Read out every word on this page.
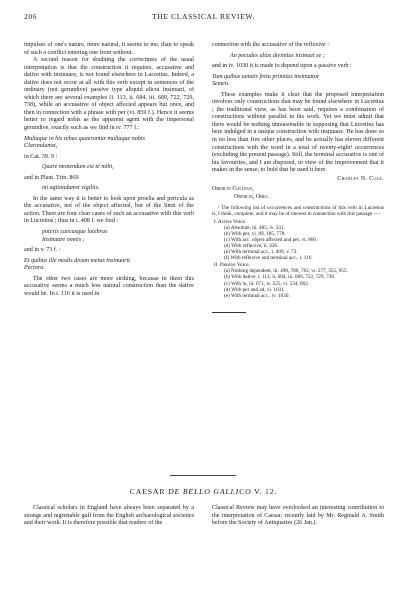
206	THE CLASSICAL REVIEW.

impulses of one's nature, more natural, it seems to me, than to speak of such a conflict entering one from without.

A second reason for doubting the correctness of the usual interpretation is that the construction it requires, accusative and dative with insinuare, is not found elsewhere in Lucretius. Indeed, a dative does not occur at all with this verb except in sentences of the ordinary (not gerundive) passive type aliquid alicui insinuari, of which there are several examples (i. 113, ii. 684, iii. 689, 722, 729, 738), while an accusative of object affected appears but once, and then in connection with a phrase with per (vi. 859 f.). Hence it seems better to regard nobis as the apparent agent with the impersonal gerundive, exactly such as we find in iv. 777 f.:

Multaque in his rebus quaeruntur multaque nobis
Clarandumst,

in Cat. 39. 9 :

Quare monendum est te mihi,

and in Plaut. Trin. 869

mi agitandumst vigiliis.

In the same way it is better to look upon proelia and pericula as the accusative, not of the object affected, but of the limit of the action. There are four clear cases of such an accusative with this verb in Lucretius ; thus in i. 408 f. we find :

poteris caecasque latebras
Insinuare omnis ;

and in v. 73 f. :

Et quibus ille modis divum metus insinuarit
Pectora.

The other two cases are more striking, because in them this accusative seems a much less natural construction than the dative would be. In i. 116 it is used in

connection with the accusative of the reflexive :

An pecudes alias divinitus insinuet se ;

and in iv. 1030 it is made to depend upon a passive verb :

Tum quibus aetatis freta primitus insinuatur
Semen.

These examples make it clear that the proposed interpretation involves only constructions that may be found elsewhere in Lucretius ; the traditional view, as has been said, requires a combination of constructions without parallel in his work. Yet we must admit that there would be nothing unreasonable in supposing that Lucretius has here indulged in a unique construction with insinuare. He has done so in no less than five other places, and he actually has eleven different constructions with the word in a total of twenty-eight¹ occurrences (excluding the present passage). Still, the terminal accusative is one of his favourites, and I am disposed, in view of the improvement that it makes in the sense, to hold that he used it here.

Charles N. Cole.
Oberlin College,
Oberlin, Ohio.

¹ The following list of occurrences and constructions of this verb in Lucretius is, I think, complete, and it may be of interest in connection with this passage :—

I. Active Voice.
(a) Absolute, iii. 485, iv. 331.
(b) With per, vi. 89, 185, 778.
(c) With acc. object affected and per, vi. 860.
(d) With reflexive, ii. 436.
(e) With terminal acc., i. 409, v. 73.
(f) With reflexive and terminal acc., i. 116.
II. Passive Voice.
(a) Nothing dependent, iii. 498, 780, 782, vi. 277, 355, 955.
(b) With dative, i. 113, ii. 684, iii. 689, 722, 729, 738.
(c) With in, iii. 671, iv. 525, vi. 534, 802.
(d) With per and ad, vi. 1031.
(e) With terminal acc., iv. 1030.
CAESAR DE BELLO GALLICO V. 12.

Classical scholars in England have always been separated by a strange and regrettable gulf from the English archaeological societies and their work. It is therefore possible that readers of the

Classical Review may have overlooked an interesting contribution to the interpretation of Caesar, recently laid by Mr. Reginald A. Smith before the Society of Antiquaries (26 Jan.).
